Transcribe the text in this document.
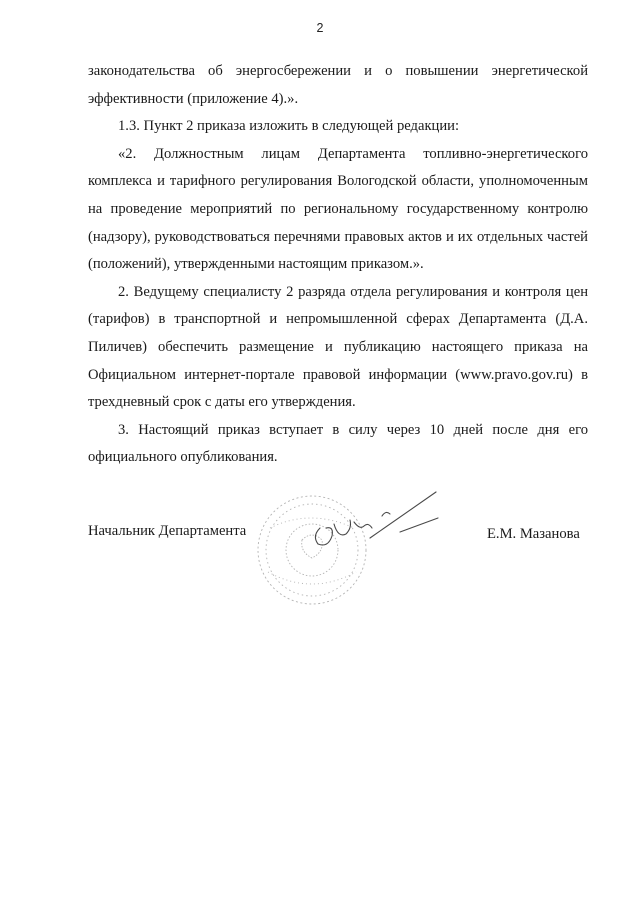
2

законодательства об энергосбережении и о повышении энергетической эффективности (приложение 4).».

1.3. Пункт 2 приказа изложить в следующей редакции:

«2. Должностным лицам Департамента топливно-энергетического комплекса и тарифного регулирования Вологодской области, уполномоченным на проведение мероприятий по региональному государственному контролю (надзору), руководствоваться перечнями правовых актов и их отдельных частей (положений), утвержденными настоящим приказом.».

2. Ведущему специалисту 2 разряда отдела регулирования и контроля цен (тарифов) в транспортной и непромышленной сферах Департамента (Д.А. Пиличев) обеспечить размещение и публикацию настоящего приказа на Официальном интернет-портале правовой информации (www.pravo.gov.ru) в трехдневный срок с даты его утверждения.

3. Настоящий приказ вступает в силу через 10 дней после дня его официального опубликования.

Начальник Департамента	Е.М. Мазанова
